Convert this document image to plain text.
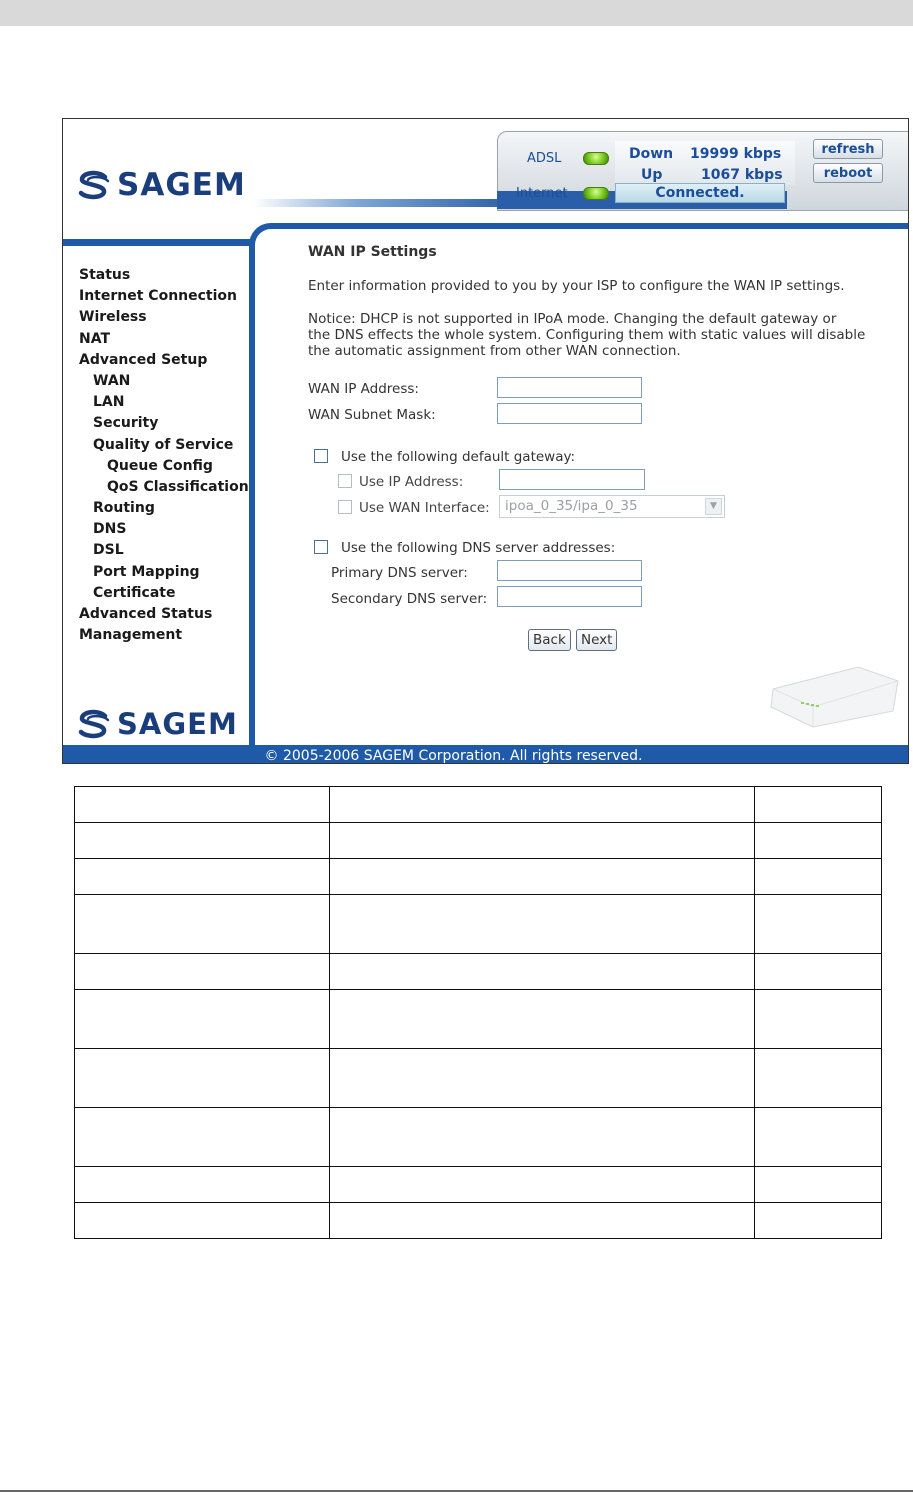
SAGEM
ADSL
Internet
Down 19999 kbps
Up	1067 kbps
Connected.
refresh
reboot
Status
Internet Connection
Wireless
NAT
Advanced Setup
WAN
LAN
Security
Quality of Service
Queue Config
QoS Classification
Routing
DNS
DSL
Port Mapping
Certificate
Advanced Status
Management
SAGEM
WAN IP Settings
Enter information provided to you by your ISP to configure the WAN IP settings.
Notice: DHCP is not supported in IPoA mode. Changing the default gateway or
the DNS effects the whole system. Configuring them with static values will disable
the automatic assignment from other WAN connection.
WAN IP Address:
WAN Subnet Mask:
Use the following default gateway:
Use IP Address:
Use WAN Interface:	ipoa_0_35/ipa_0_35	▼
Use the following DNS server addresses:
Primary DNS server:
Secondary DNS server:
Back	Next
© 2005-2006 SAGEM Corporation. All rights reserved.
